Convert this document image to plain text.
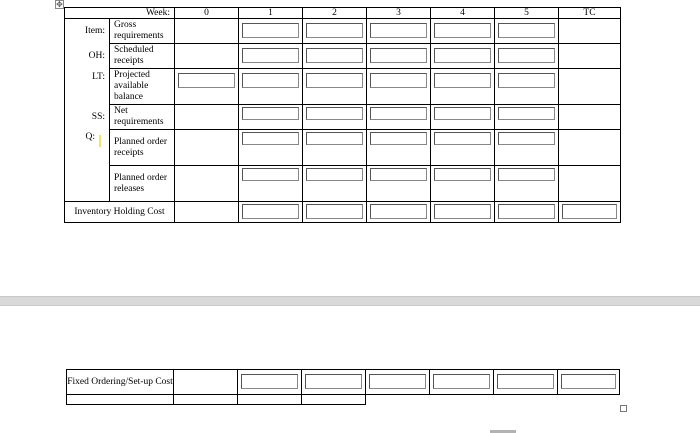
✥
Week:		0	1	2	3	4	5	TC
Item:	Gross requirements		

OH:	Scheduled receipts		

LT:	Projected available balance	

SS:	Net requirements		

Q:	Planned order receipts		

	Planned order releases		

Inventory Holding Cost			

Fixed Ordering/Set-up Cost		
